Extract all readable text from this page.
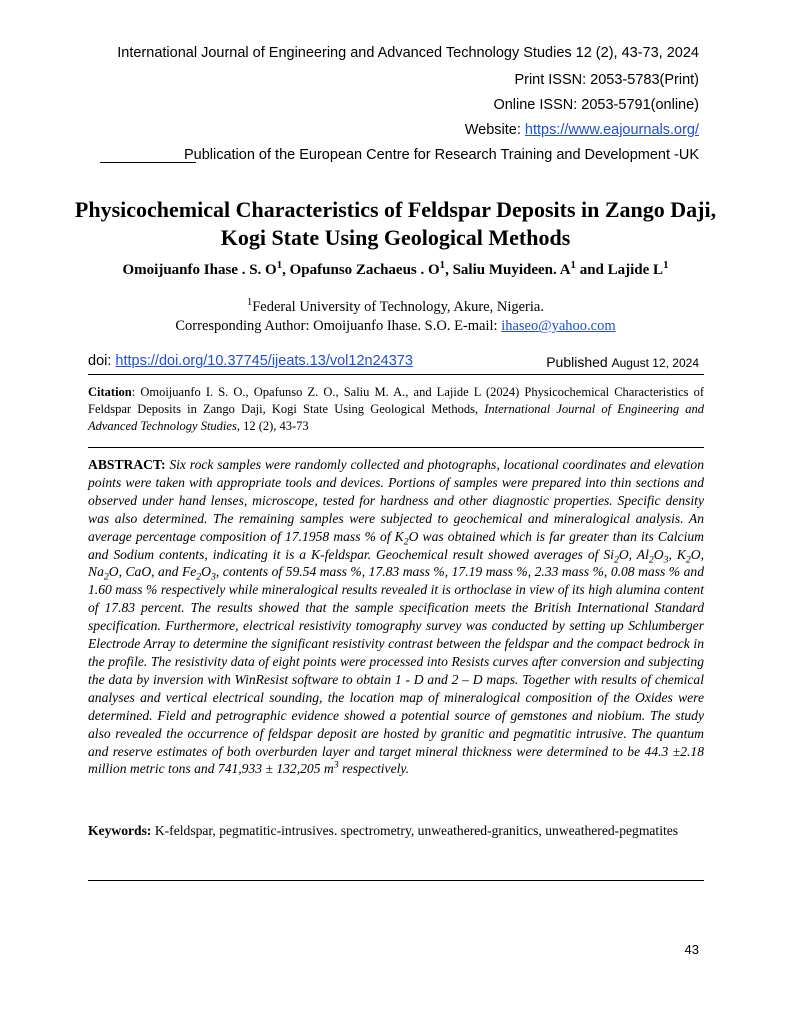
International Journal of Engineering and Advanced Technology Studies 12 (2), 43-73, 2024
Print ISSN: 2053-5783(Print)
Online ISSN: 2053-5791(online)
Website: https://www.eajournals.org/
Publication of the European Centre for Research Training and Development -UK
Physicochemical Characteristics of Feldspar Deposits in Zango Daji, Kogi State Using Geological Methods
Omoijuanfo Ihase . S. $O^1$, Opafunso Zachaeus . $O^1$, Saliu Muyideen. $A^1$ and Lajide $L^1$
$^1$Federal University of Technology, Akure, Nigeria.
Corresponding Author: Omoijuanfo Ihase. S.O. E-mail: ihaseo@yahoo.com
doi: https://doi.org/10.37745/ijeats.13/vol12n24373	Published August 12, 2024
Citation: Omoijuanfo I. S. O., Opafunso Z. O., Saliu M. A., and Lajide L (2024) Physicochemical Characteristics of Feldspar Deposits in Zango Daji, Kogi State Using Geological Methods, International Journal of Engineering and Advanced Technology Studies, 12 (2), 43-73
ABSTRACT: Six rock samples were randomly collected and photographs, locational coordinates and elevation points were taken with appropriate tools and devices. Portions of samples were prepared into thin sections and observed under hand lenses, microscope, tested for hardness and other diagnostic properties. Specific density was also determined. The remaining samples were subjected to geochemical and mineralogical analysis. An average percentage composition of 17.1958 mass % of $K_2O$ was obtained which is far greater than its Calcium and Sodium contents, indicating it is a K-feldspar. Geochemical result showed averages of $Si_2O$, $Al_2O_3$, $K_2O$, $Na_2O$, CaO, and $Fe_2O_3$, contents of 59.54 mass %, 17.83 mass %, 17.19 mass %, 2.33 mass %, 0.08 mass % and 1.60 mass % respectively while mineralogical results revealed it is orthoclase in view of its high alumina content of 17.83 percent. The results showed that the sample specification meets the British International Standard specification. Furthermore, electrical resistivity tomography survey was conducted by setting up Schlumberger Electrode Array to determine the significant resistivity contrast between the feldspar and the compact bedrock in the profile. The resistivity data of eight points were processed into Resists curves after conversion and subjecting the data by inversion with WinResist software to obtain 1 - D and 2 – D maps. Together with results of chemical analyses and vertical electrical sounding, the location map of mineralogical composition of the Oxides were determined. Field and petrographic evidence showed a potential source of gemstones and niobium. The study also revealed the occurrence of feldspar deposit are hosted by granitic and pegmatitic intrusive. The quantum and reserve estimates of both overburden layer and target mineral thickness were determined to be 44.3 ±2.18 million metric tons and 741,933 ± 132,205 $m^3$ respectively.
Keywords: K-feldspar, pegmatitic-intrusives. spectrometry, unweathered-granitics, unweathered-pegmatites
43
